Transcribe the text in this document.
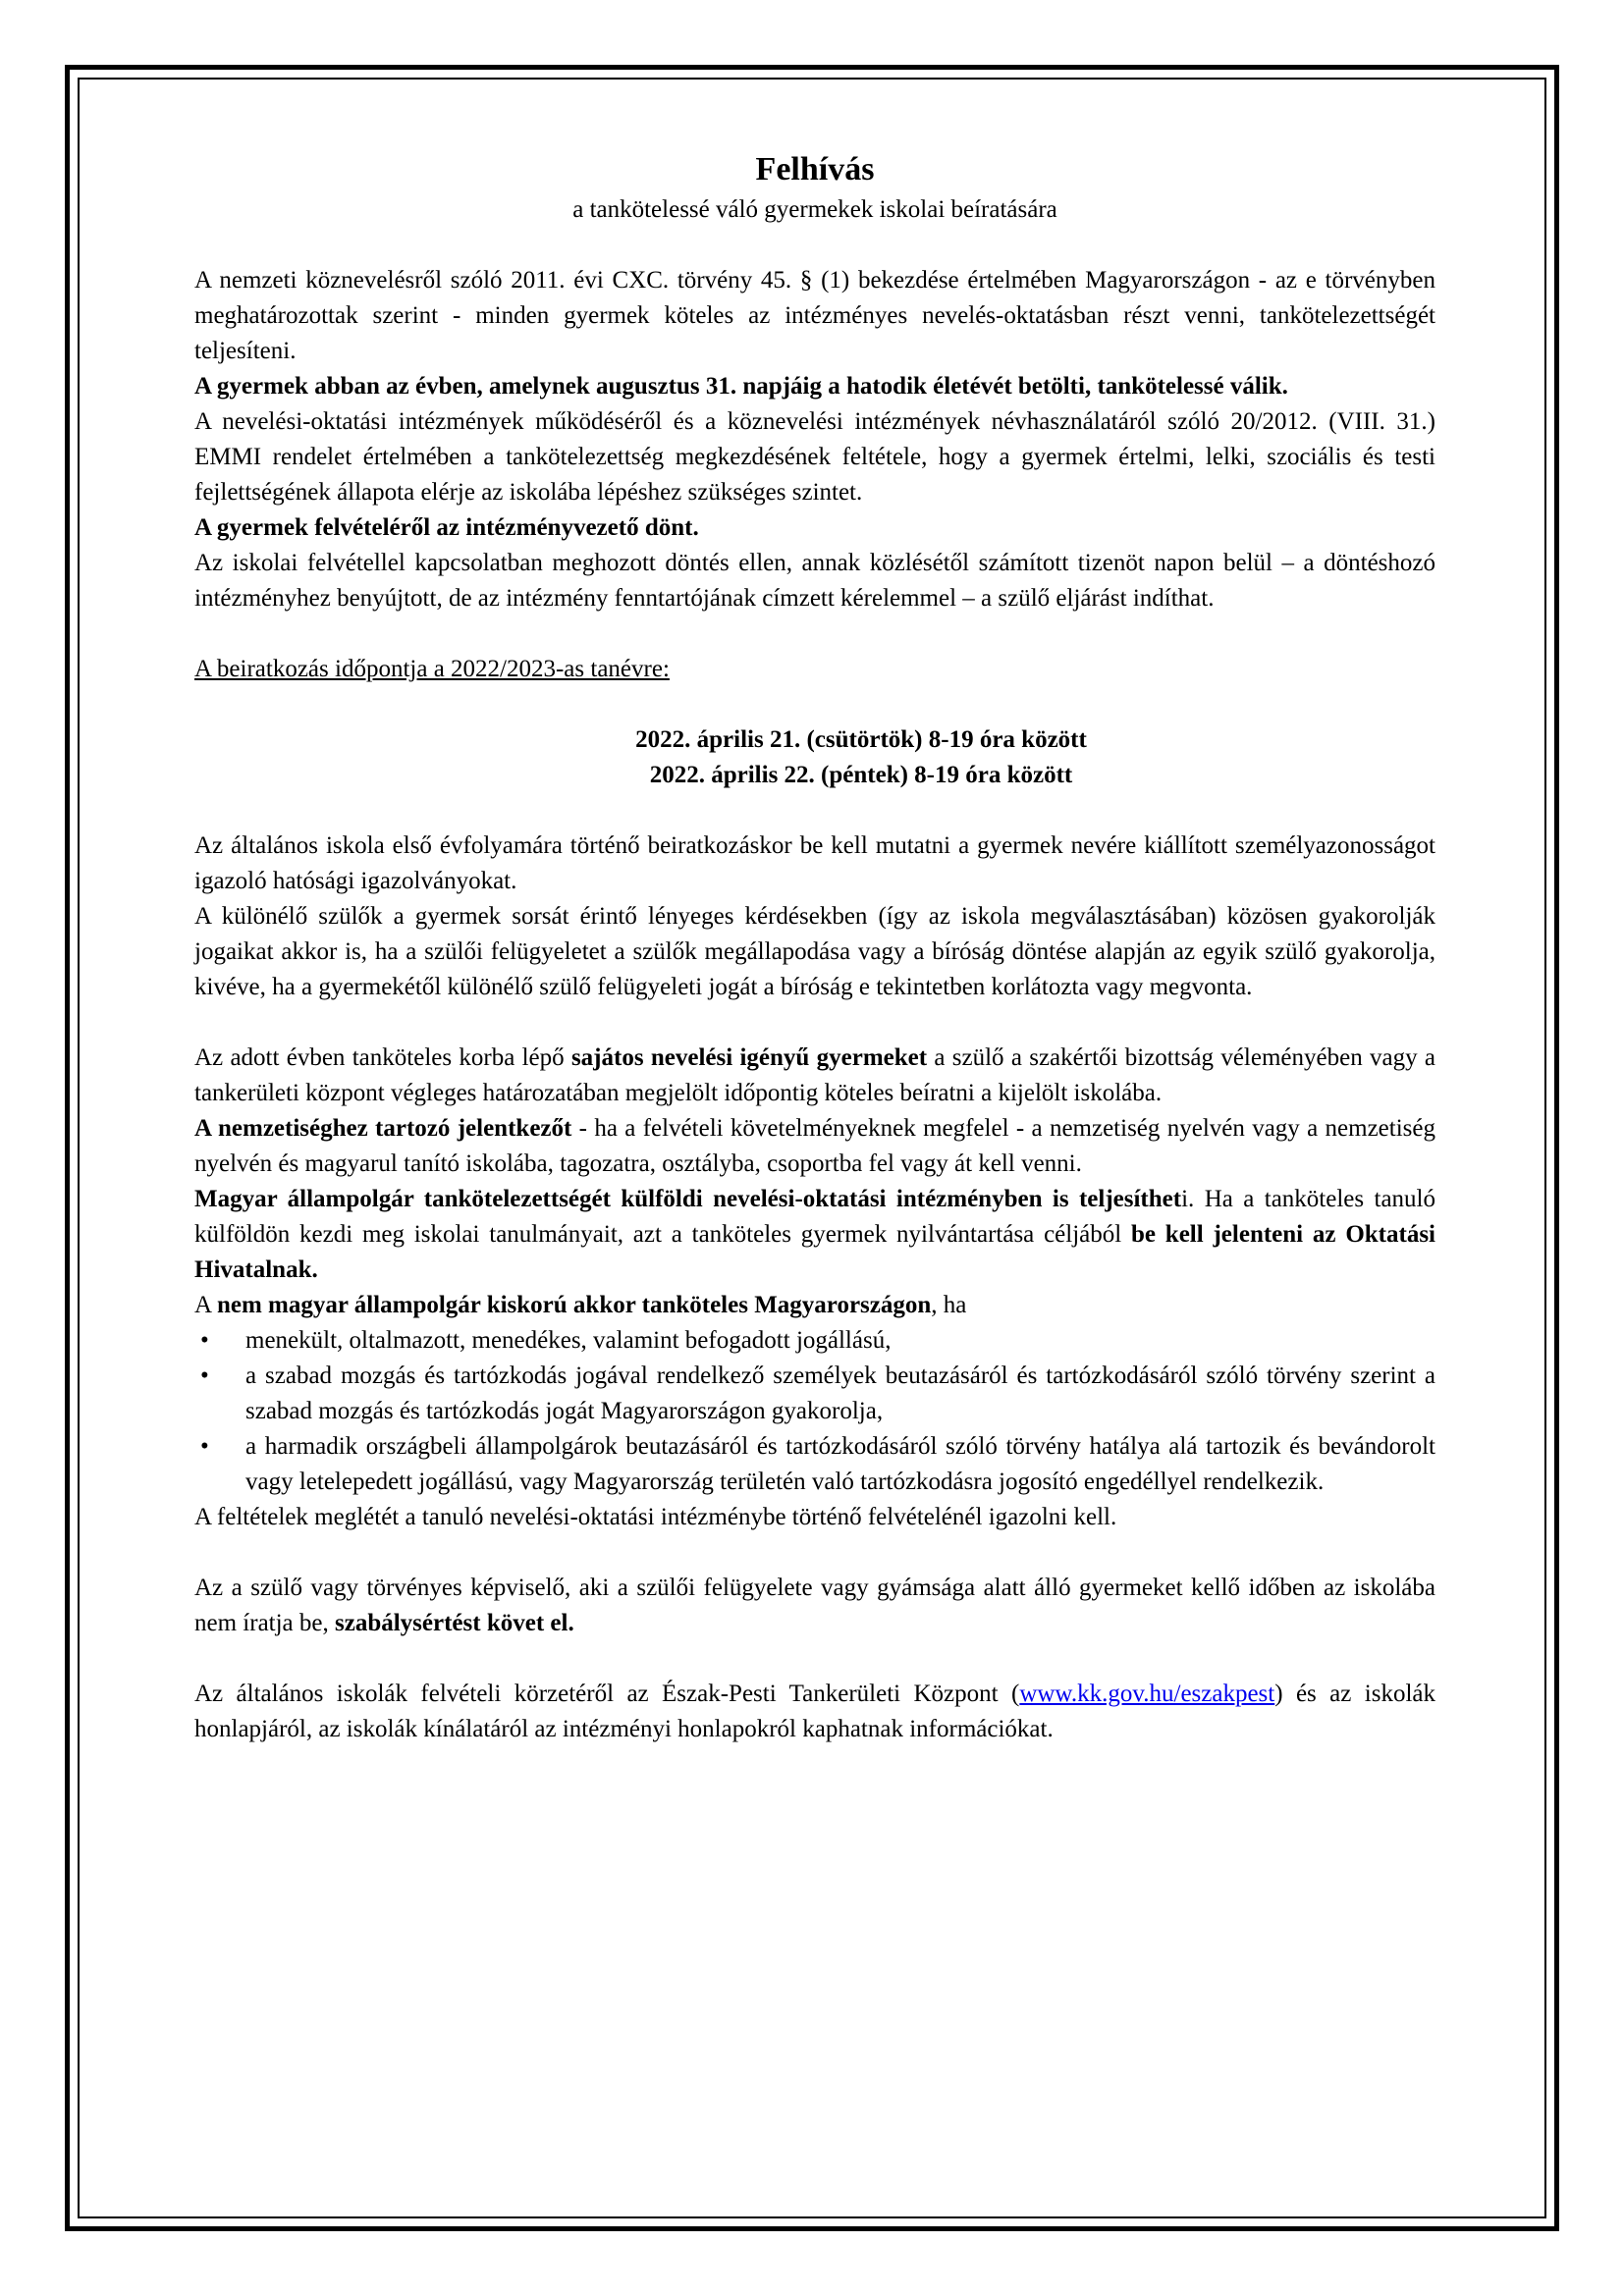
Felhívás

a tankötelessé váló gyermekek iskolai beíratására

A nemzeti köznevelésről szóló 2011. évi CXC. törvény 45. § (1) bekezdése értelmében Magyarországon - az e törvényben meghatározottak szerint - minden gyermek köteles az intézményes nevelés-oktatásban részt venni, tankötelezettségét teljesíteni.

A gyermek abban az évben, amelynek augusztus 31. napjáig a hatodik életévét betölti, tankötelessé válik.

A nevelési-oktatási intézmények működéséről és a köznevelési intézmények névhasználatáról szóló 20/2012. (VIII. 31.) EMMI rendelet értelmében a tankötelezettség megkezdésének feltétele, hogy a gyermek értelmi, lelki, szociális és testi fejlettségének állapota elérje az iskolába lépéshez szükséges szintet.

A gyermek felvételéről az intézményvezető dönt.

Az iskolai felvétellel kapcsolatban meghozott döntés ellen, annak közlésétől számított tizenöt napon belül – a döntéshozó intézményhez benyújtott, de az intézmény fenntartójának címzett kérelemmel – a szülő eljárást indíthat.

A beiratkozás időpontja a 2022/2023-as tanévre:

2022. április 21. (csütörtök) 8-19 óra között
2022. április 22. (péntek) 8-19 óra között

Az általános iskola első évfolyamára történő beiratkozáskor be kell mutatni a gyermek nevére kiállított személyazonosságot igazoló hatósági igazolványokat.

A különélő szülők a gyermek sorsát érintő lényeges kérdésekben (így az iskola megválasztásában) közösen gyakorolják jogaikat akkor is, ha a szülői felügyeletet a szülők megállapodása vagy a bíróság döntése alapján az egyik szülő gyakorolja, kivéve, ha a gyermekétől különélő szülő felügyeleti jogát a bíróság e tekintetben korlátozta vagy megvonta.

Az adott évben tanköteles korba lépő sajátos nevelési igényű gyermeket a szülő a szakértői bizottság véleményében vagy a tankerületi központ végleges határozatában megjelölt időpontig köteles beíratni a kijelölt iskolába.

A nemzetiséghez tartozó jelentkezőt - ha a felvételi követelményeknek megfelel - a nemzetiség nyelvén vagy a nemzetiség nyelvén és magyarul tanító iskolába, tagozatra, osztályba, csoportba fel vagy át kell venni.

Magyar állampolgár tankötelezettségét külföldi nevelési-oktatási intézményben is teljesítheti. Ha a tanköteles tanuló külföldön kezdi meg iskolai tanulmányait, azt a tanköteles gyermek nyilvántartása céljából be kell jelenteni az Oktatási Hivatalnak.

A nem magyar állampolgár kiskorú akkor tanköteles Magyarországon, ha

• menekült, oltalmazott, menedékes, valamint befogadott jogállású,
• a szabad mozgás és tartózkodás jogával rendelkező személyek beutazásáról és tartózkodásáról szóló törvény szerint a szabad mozgás és tartózkodás jogát Magyarországon gyakorolja,
• a harmadik országbeli állampolgárok beutazásáról és tartózkodásáról szóló törvény hatálya alá tartozik és bevándorolt vagy letelepedett jogállású, vagy Magyarország területén való tartózkodásra jogosító engedéllyel rendelkezik.

A feltételek meglétét a tanuló nevelési-oktatási intézménybe történő felvételénél igazolni kell.

Az a szülő vagy törvényes képviselő, aki a szülői felügyelete vagy gyámsága alatt álló gyermeket kellő időben az iskolába nem íratja be, szabálysértést követ el.

Az általános iskolák felvételi körzetéről az Észak-Pesti Tankerületi Központ (www.kk.gov.hu/eszakpest) és az iskolák honlapjáról, az iskolák kínálatáról az intézményi honlapokról kaphatnak információkat.
